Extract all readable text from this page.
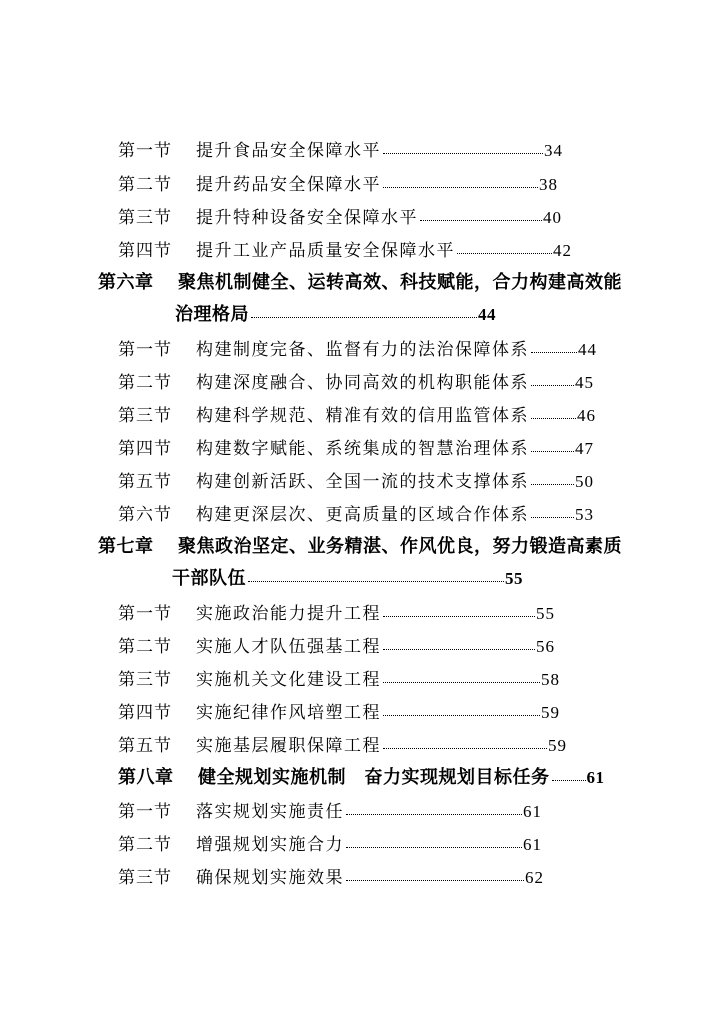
第一节	提升食品安全保障水平	34
第二节	提升药品安全保障水平	38
第三节	提升特种设备安全保障水平	40
第四节	提升工业产品质量安全保障水平	42
第六章	聚焦机制健全、运转高效、科技赋能，合力构建高效能
治理格局	44
第一节	构建制度完备、监督有力的法治保障体系	44
第二节	构建深度融合、协同高效的机构职能体系	45
第三节	构建科学规范、精准有效的信用监管体系	46
第四节	构建数字赋能、系统集成的智慧治理体系	47
第五节	构建创新活跃、全国一流的技术支撑体系	50
第六节	构建更深层次、更高质量的区域合作体系	53
第七章	聚焦政治坚定、业务精湛、作风优良，努力锻造高素质
干部队伍	55
第一节	实施政治能力提升工程	55
第二节	实施人才队伍强基工程	56
第三节	实施机关文化建设工程	58
第四节	实施纪律作风培塑工程	59
第五节	实施基层履职保障工程	59
第八章	健全规划实施机制　奋力实现规划目标任务 61
第一节	落实规划实施责任	61
第二节	增强规划实施合力	61
第三节	确保规划实施效果	62
